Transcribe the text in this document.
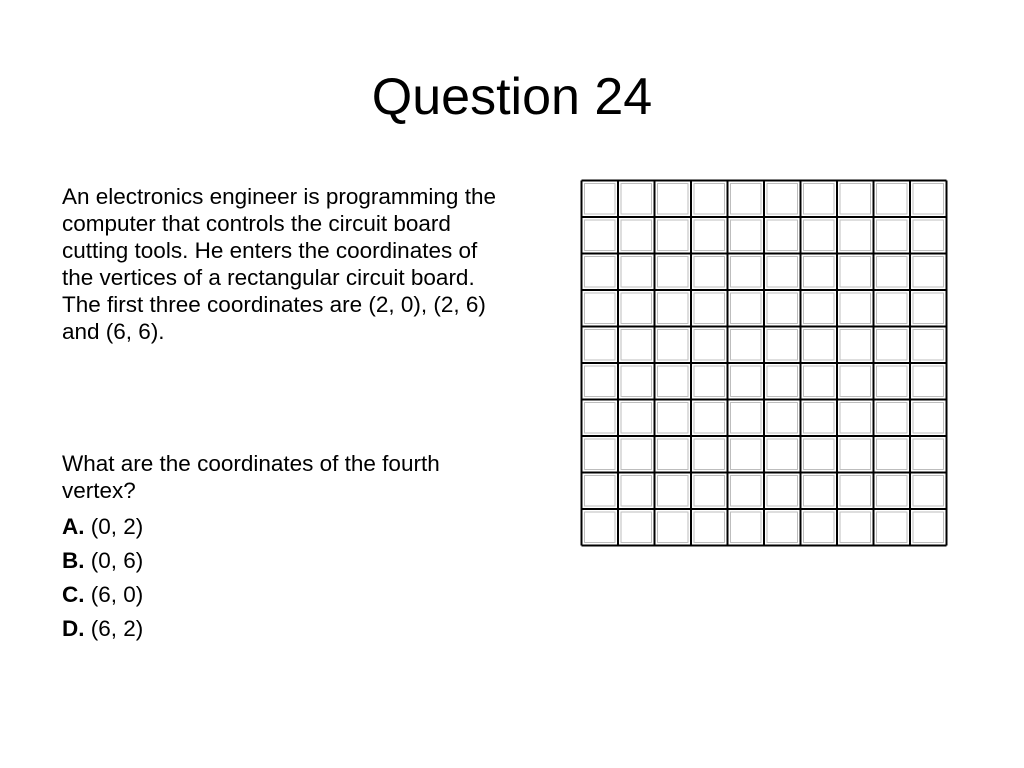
Question 24

An electronics engineer is programming the computer that controls the circuit board cutting tools. He enters the coordinates of the vertices of a rectangular circuit board. The first three coordinates are (2, 0), (2, 6) and (6, 6).

What are the coordinates of the fourth vertex?

A. (0, 2)
B. (0, 6)
C. (6, 0)
D. (6, 2)
